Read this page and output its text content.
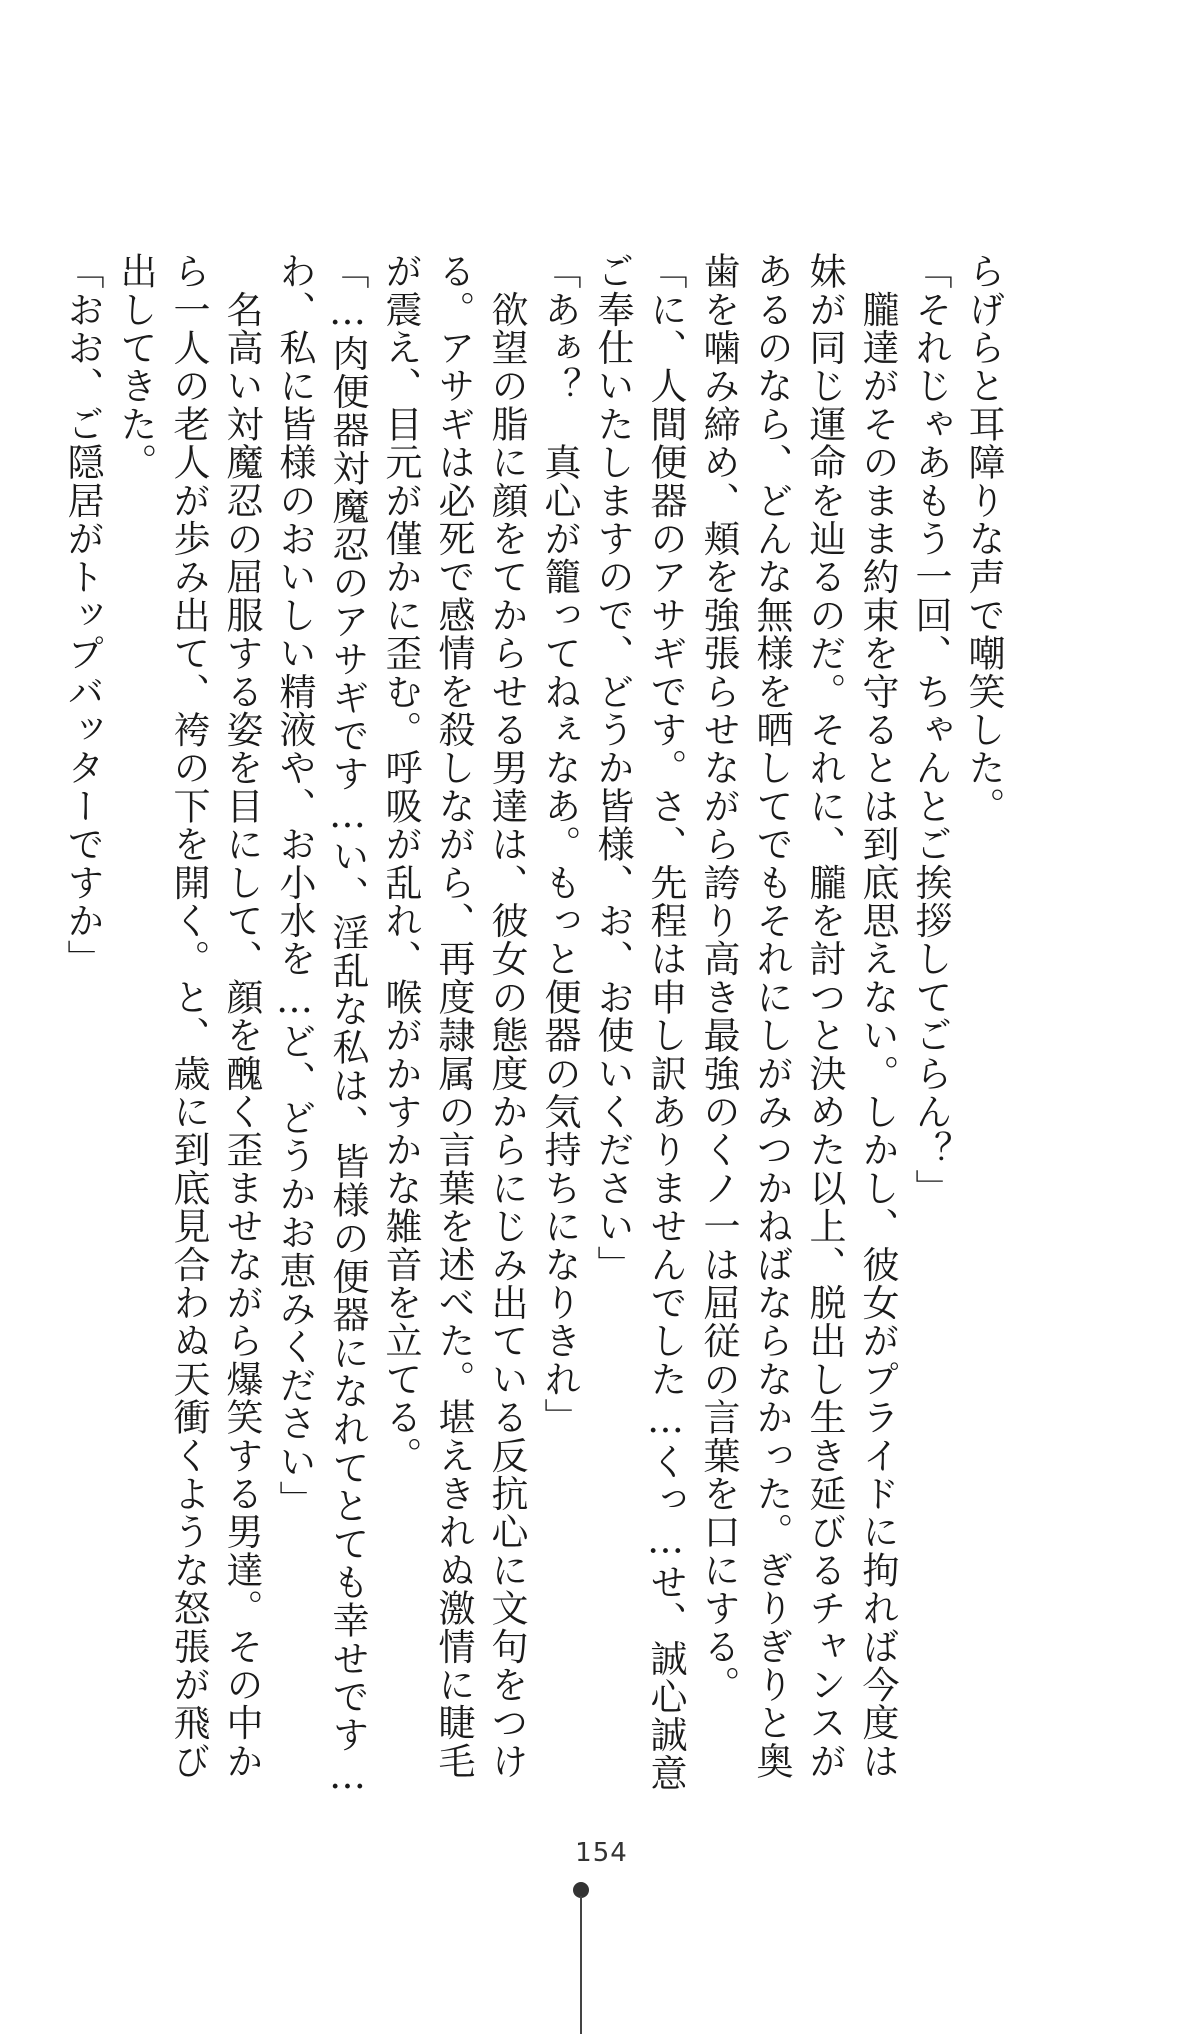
らげらと耳障りな声で嘲笑した。
「それじゃあもう一回、ちゃんとご挨拶してごらん？」
　朧達がそのまま約束を守るとは到底思えない。しかし、彼女がプライドに拘れば今度は
妹が同じ運命を辿るのだ。それに、朧を討つと決めた以上、脱出し生き延びるチャンスが
あるのなら、どんな無様を晒してでもそれにしがみつかねばならなかった。ぎりぎりと奥
歯を噛み締め、頬を強張らせながら誇り高き最強のくノ一は屈従の言葉を口にする。
「に、人間便器のアサギです。さ、先程は申し訳ありませんでした…くっ…せ、誠心誠意
ご奉仕いたしますので、どうか皆様、お、お使いください」
「あぁ？　真心が籠ってねぇなあ。もっと便器の気持ちになりきれ」
　欲望の脂に顔をてからせる男達は、彼女の態度からにじみ出ている反抗心に文句をつけ
る。アサギは必死で感情を殺しながら、再度隷属の言葉を述べた。堪えきれぬ激情に睫毛
が震え、目元が僅かに歪む。呼吸が乱れ、喉がかすかな雑音を立てる。
「…肉便器対魔忍のアサギです…い、淫乱な私は、皆様の便器になれてとても幸せです…
わ、私に皆様のおいしい精液や、お小水を…ど、どうかお恵みください」
　名高い対魔忍の屈服する姿を目にして、顔を醜く歪ませながら爆笑する男達。その中か
ら一人の老人が歩み出て、袴の下を開く。と、歳に到底見合わぬ天衝くような怒張が飛び
出してきた。
「おお、ご隠居がトップバッターですか」
154
